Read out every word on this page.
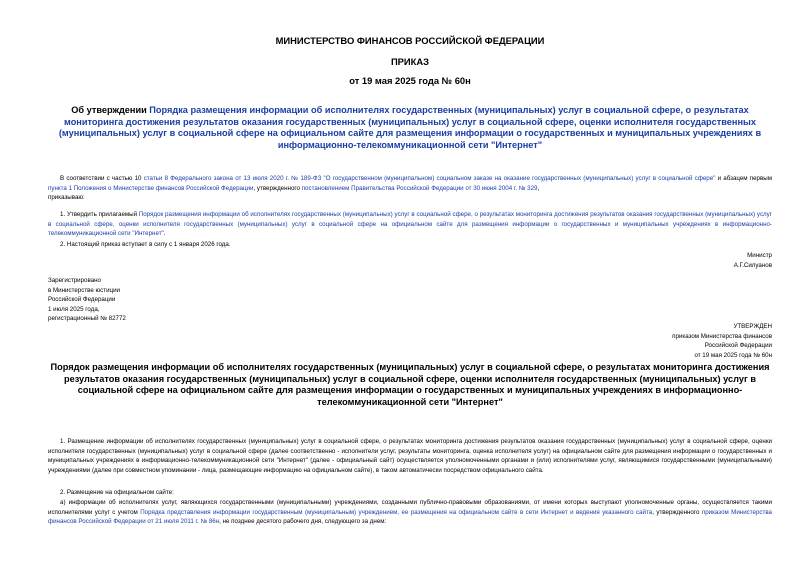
МИНИСТЕРСТВО ФИНАНСОВ РОССИЙСКОЙ ФЕДЕРАЦИИ
ПРИКАЗ
от 19 мая 2025 года № 60н
Об утверждении Порядка размещения информации об исполнителях государственных (муниципальных) услуг в социальной сфере, о результатах мониторинга достижения результатов оказания государственных (муниципальных) услуг в социальной сфере, оценки исполнителя государственных (муниципальных) услуг в социальной сфере на официальном сайте для размещения информации о государственных и муниципальных учреждениях в информационно-телекоммуникационной сети "Интернет"
В соответствии с частью 10 статьи 8 Федерального закона от 13 июля 2020 г. № 189-ФЗ "О государственном (муниципальном) социальном заказе на оказание государственных (муниципальных) услуг в социальной сфере" и абзацем первым пункта 1 Положения о Министерстве финансов Российской Федерации, утвержденного постановлением Правительства Российской Федерации от 30 июня 2004 г. № 329,
приказываю:
1. Утвердить прилагаемый Порядок размещения информации об исполнителях государственных (муниципальных) услуг в социальной сфере, о результатах мониторинга достижения результатов оказания государственных (муниципальных) услуг в социальной сфере, оценки исполнителя государственных (муниципальных) услуг в социальной сфере на официальном сайте для размещения информации о государственных и муниципальных учреждениях в информационно-телекоммуникационной сети "Интернет".
2. Настоящий приказ вступает в силу с 1 января 2026 года.
Министр
А.Г.Силуанов
Зарегистрировано
в Министерстве юстиции
Российской Федерации
1 июля 2025 года,
регистрационный № 82772
УТВЕРЖДЕН
приказом Министерства финансов
Российской Федерации
от 19 мая 2025 года № 60н
Порядок размещения информации об исполнителях государственных (муниципальных) услуг в социальной сфере, о результатах мониторинга достижения результатов оказания государственных (муниципальных) услуг в социальной сфере, оценки исполнителя государственных (муниципальных) услуг в социальной сфере на официальном сайте для размещения информации о государственных и муниципальных учреждениях в информационно-телекоммуникационной сети "Интернет"
1. Размещение информации об исполнителях государственных (муниципальных) услуг в социальной сфере, о результатах мониторинга достижения результатов оказания государственных (муниципальных) услуг в социальной сфере, оценки исполнителя государственных (муниципальных) услуг в социальной сфере (далее соответственно - исполнители услуг, результаты мониторинга, оценка исполнителя услуг) на официальном сайте для размещения информации о государственных и муниципальных учреждениях в информационно-телекоммуникационной сети "Интернет" (далее - официальный сайт) осуществляется уполномоченными органами и (или) исполнителями услуг, являющимися государственными (муниципальными) учреждениями (далее при совместном упоминании - лица, размещающие информацию на официальном сайте), в таком автоматически посредством официального сайта.
2. Размещение на официальном сайте:
а) информации об исполнителях услуг, являющихся государственными (муниципальными) учреждениями, созданными публично-правовыми образованиями, от имени которых выступают уполномоченные органы, осуществляется такими исполнителями услуг с учетом Порядка представления информации государственным (муниципальным) учреждением, ее размещения на официальном сайте в сети Интернет и ведения указанного сайта, утвержденного приказом Министерства финансов Российской Федерации от 21 июля 2011 г. № 86н, не позднее десятого рабочего дня, следующего за днем:
